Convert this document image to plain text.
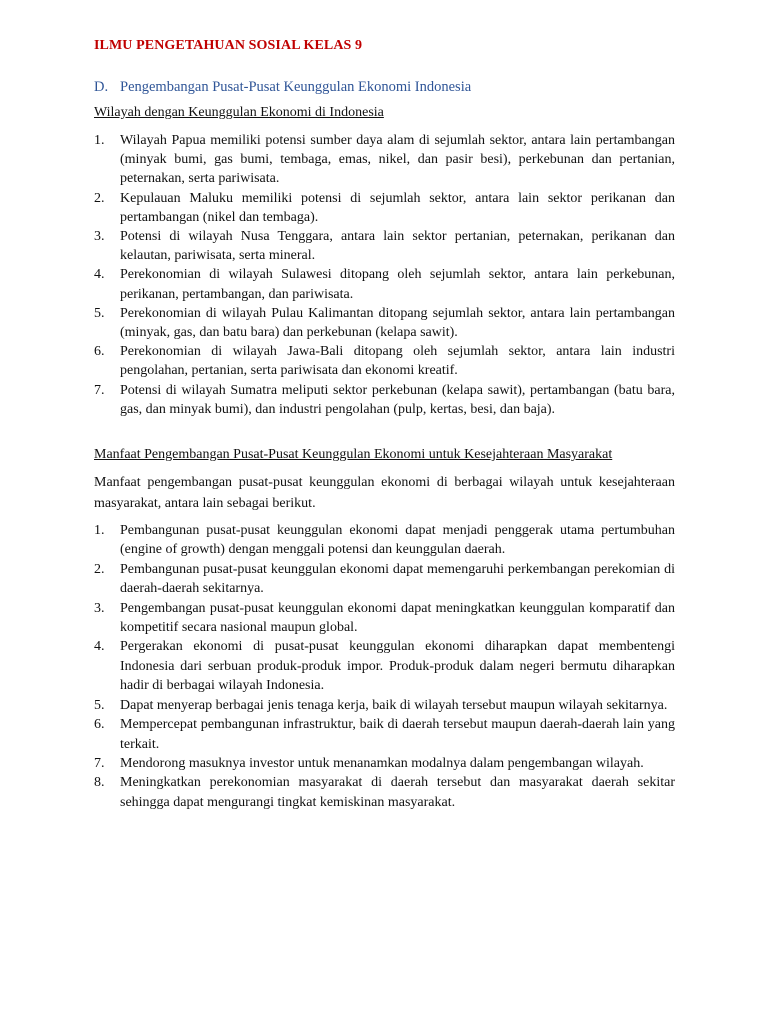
ILMU PENGETAHUAN SOSIAL KELAS 9
D. Pengembangan Pusat-Pusat Keunggulan Ekonomi Indonesia
Wilayah dengan Keunggulan Ekonomi di Indonesia
1.	Wilayah Papua memiliki potensi sumber daya alam di sejumlah sektor, antara lain pertambangan (minyak bumi, gas bumi, tembaga, emas, nikel, dan pasir besi), perkebunan dan pertanian, peternakan, serta pariwisata.
2.	Kepulauan Maluku memiliki potensi di sejumlah sektor, antara lain sektor perikanan dan pertambangan (nikel dan tembaga).
3.	Potensi di wilayah Nusa Tenggara, antara lain sektor pertanian, peternakan, perikanan dan kelautan, pariwisata, serta mineral.
4.	Perekonomian di wilayah Sulawesi ditopang oleh sejumlah sektor, antara lain perkebunan, perikanan, pertambangan, dan pariwisata.
5.	Perekonomian di wilayah Pulau Kalimantan ditopang sejumlah sektor, antara lain pertambangan (minyak, gas, dan batu bara) dan perkebunan (kelapa sawit).
6.	Perekonomian di wilayah Jawa-Bali ditopang oleh sejumlah sektor, antara lain industri pengolahan, pertanian, serta pariwisata dan ekonomi kreatif.
7.	Potensi di wilayah Sumatra meliputi sektor perkebunan (kelapa sawit), pertambangan (batu bara, gas, dan minyak bumi), dan industri pengolahan (pulp, kertas, besi, dan baja).
Manfaat Pengembangan Pusat-Pusat Keunggulan Ekonomi untuk Kesejahteraan Masyarakat

Manfaat pengembangan pusat-pusat keunggulan ekonomi di berbagai wilayah untuk kesejahteraan masyarakat, antara lain sebagai berikut.

1.	Pembangunan pusat-pusat keunggulan ekonomi dapat menjadi penggerak utama pertumbuhan (engine of growth) dengan menggali potensi dan keunggulan daerah.
2.	Pembangunan pusat-pusat keunggulan ekonomi dapat memengaruhi perkembangan perekomian di daerah-daerah sekitarnya.
3.	Pengembangan pusat-pusat keunggulan ekonomi dapat meningkatkan keunggulan komparatif dan kompetitif secara nasional maupun global.
4.	Pergerakan ekonomi di pusat-pusat keunggulan ekonomi diharapkan dapat membentengi Indonesia dari serbuan produk-produk impor. Produk-produk dalam negeri bermutu diharapkan hadir di berbagai wilayah Indonesia.
5.	Dapat menyerap berbagai jenis tenaga kerja, baik di wilayah tersebut maupun wilayah sekitarnya.
6.	Mempercepat pembangunan infrastruktur, baik di daerah tersebut maupun daerah-daerah lain yang terkait.
7.	Mendorong masuknya investor untuk menanamkan modalnya dalam pengembangan wilayah.
8.	Meningkatkan perekonomian masyarakat di daerah tersebut dan masyarakat daerah sekitar sehingga dapat mengurangi tingkat kemiskinan masyarakat.
